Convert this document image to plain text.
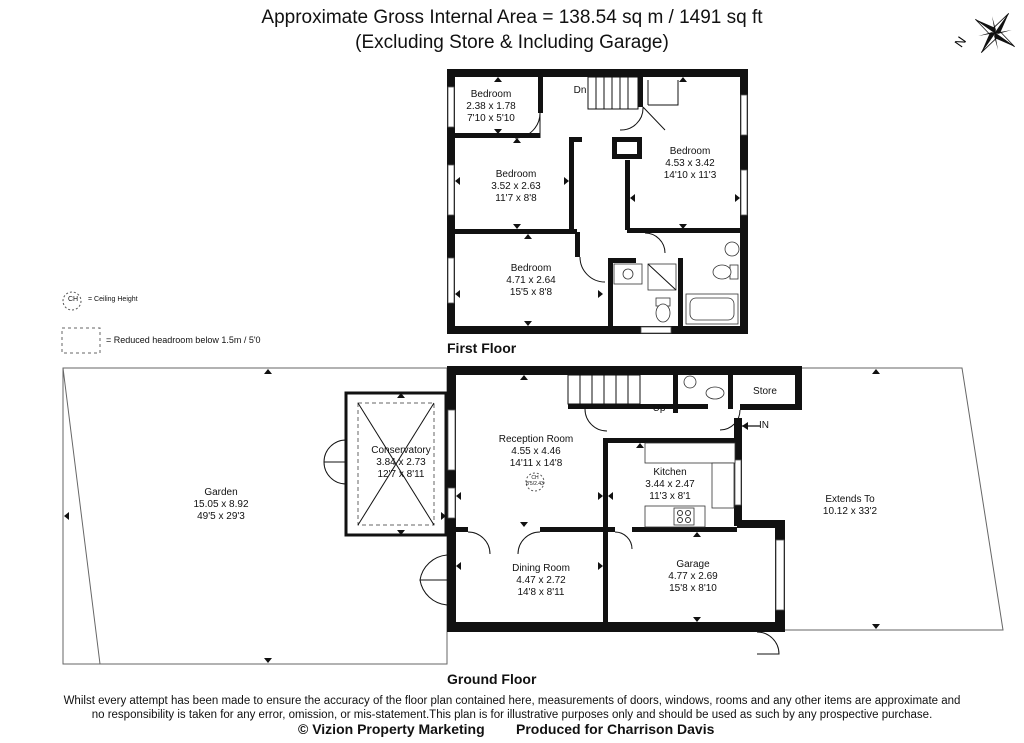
Approximate Gross Internal Area = 138.54 sq m / 1491 sq ft
(Excluding Store & Including Garage)	N
CH = Ceiling Height
= Reduced headroom below 1.5m / 5'0
Dn
Bedroom
2.38 x 1.78
7'10 x 5'10
Bedroom
3.52 x 2.63
11'7 x 8'8
Bedroom
4.53 x 3.42
14'10 x 11'3
Bedroom
4.71 x 2.64
15'5 x 8'8
First Floor
Garden
15.05 x 8.92
49'5 x 29'3
Conservatory
3.84 x 2.73
12'7 x 8'11
Reception Room
4.55 x 4.46
14'11 x 14'8
CH
8'5/2.43
Kitchen
3.44 x 2.47
11'3 x 8'1
Dining Room
4.47 x 2.72
14'8 x 8'11
Garage
4.77 x 2.69
15'8 x 8'10
Store
Extends To
10.12 x 33'2
Up
IN
Ground Floor
Whilst every attempt has been made to ensure the accuracy of the floor plan contained here, measurements of doors, windows, rooms and any other items are approximate and
no responsibility is taken for any error, omission, or mis-statement.This plan is for illustrative purposes only and should be used as such by any prospective purchase.
© Vizion Property Marketing Produced for Charrison Davis
